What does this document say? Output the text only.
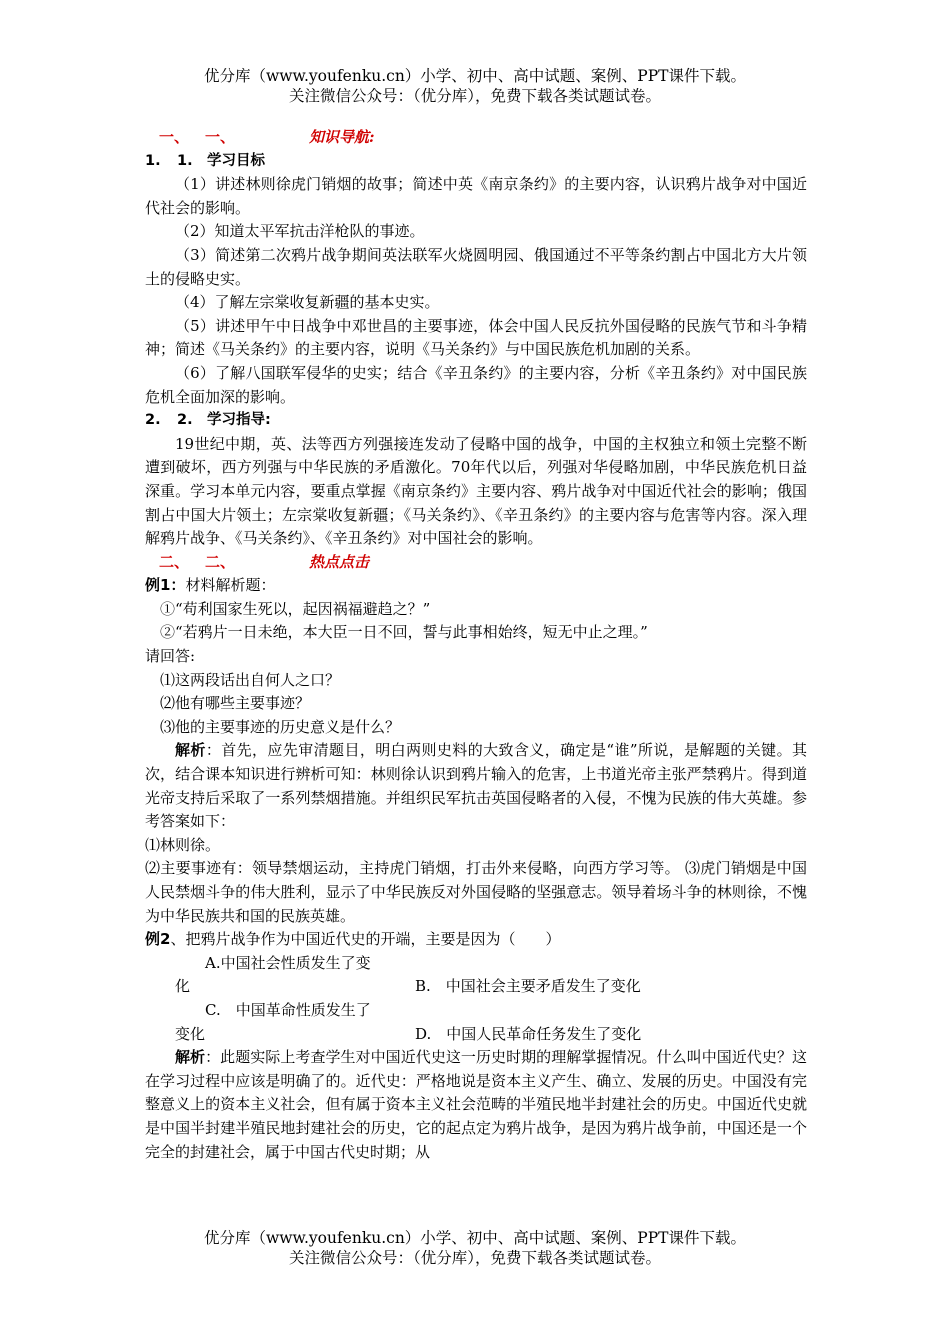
优分库（www.youfenku.cn）小学、初中、高中试题、案例、PPT课件下载。
关注微信公众号：（优分库），免费下载各类试题试卷。

一、 一、	知识导航:

1. 1. 学习目标

（1）讲述林则徐虎门销烟的故事；简述中英《南京条约》的主要内容，认识鸦片战争对中国近代社会的影响。

（2）知道太平军抗击洋枪队的事迹。

（3）简述第二次鸦片战争期间英法联军火烧圆明园、俄国通过不平等条约割占中国北方大片领土的侵略史实。

（4）了解左宗棠收复新疆的基本史实。

（5）讲述甲午中日战争中邓世昌的主要事迹，体会中国人民反抗外国侵略的民族气节和斗争精神；简述《马关条约》的主要内容，说明《马关条约》与中国民族危机加剧的关系。

（6）了解八国联军侵华的史实；结合《辛丑条约》的主要内容，分析《辛丑条约》对中国民族危机全面加深的影响。

2. 2. 学习指导:

19世纪中期，英、法等西方列强接连发动了侵略中国的战争，中国的主权独立和领土完整不断遭到破坏，西方列强与中华民族的矛盾激化。70年代以后，列强对华侵略加剧，中华民族危机日益深重。学习本单元内容，要重点掌握《南京条约》主要内容、鸦片战争对中国近代社会的影响；俄国割占中国大片领土；左宗棠收复新疆；《马关条约》、《辛丑条约》的主要内容与危害等内容。深入理解鸦片战争、《马关条约》、《辛丑条约》对中国社会的影响。

二、 二、	热点点击

例1：材料解析题：

①“苟利国家生死以，起因祸福避趋之？”

②“若鸦片一日未绝，本大臣一日不回，誓与此事相始终，短无中止之理。”

请回答:

⑴这两段话出自何人之口？

⑵他有哪些主要事迹？

⑶他的主要事迹的历史意义是什么？

解析：首先，应先审清题目，明白两则史料的大致含义，确定是“谁”所说，是解题的关键。其次，结合课本知识进行辨析可知：林则徐认识到鸦片输入的危害，上书道光帝主张严禁鸦片。得到道光帝支持后采取了一系列禁烟措施。并组织民军抗击英国侵略者的入侵，不愧为民族的伟大英雄。参考答案如下：

⑴林则徐。

⑵主要事迹有：领导禁烟运动，主持虎门销烟，打击外来侵略，向西方学习等。 ⑶虎门销烟是中国人民禁烟斗争的伟大胜利，显示了中华民族反对外国侵略的坚强意志。领导着场斗争的林则徐，不愧为中华民族共和国的民族英雄。

例2、把鸦片战争作为中国近代史的开端，主要是因为（　　）

A.中国社会性质发生了变化	B.　中国社会主要矛盾发生了变化

C.　中国革命性质发生了变化	D.　中国人民革命任务发生了变化

解析：此题实际上考查学生对中国近代史这一历史时期的理解掌握情况。什么叫中国近代史？这在学习过程中应该是明确了的。近代史：严格地说是资本主义产生、确立、发展的历史。中国没有完整意义上的资本主义社会，但有属于资本主义社会范畴的半殖民地半封建社会的历史。中国近代史就是中国半封建半殖民地封建社会的历史，它的起点定为鸦片战争，是因为鸦片战争前，中国还是一个完全的封建社会，属于中国古代史时期；从

优分库（www.youfenku.cn）小学、初中、高中试题、案例、PPT课件下载。
关注微信公众号：（优分库），免费下载各类试题试卷。
